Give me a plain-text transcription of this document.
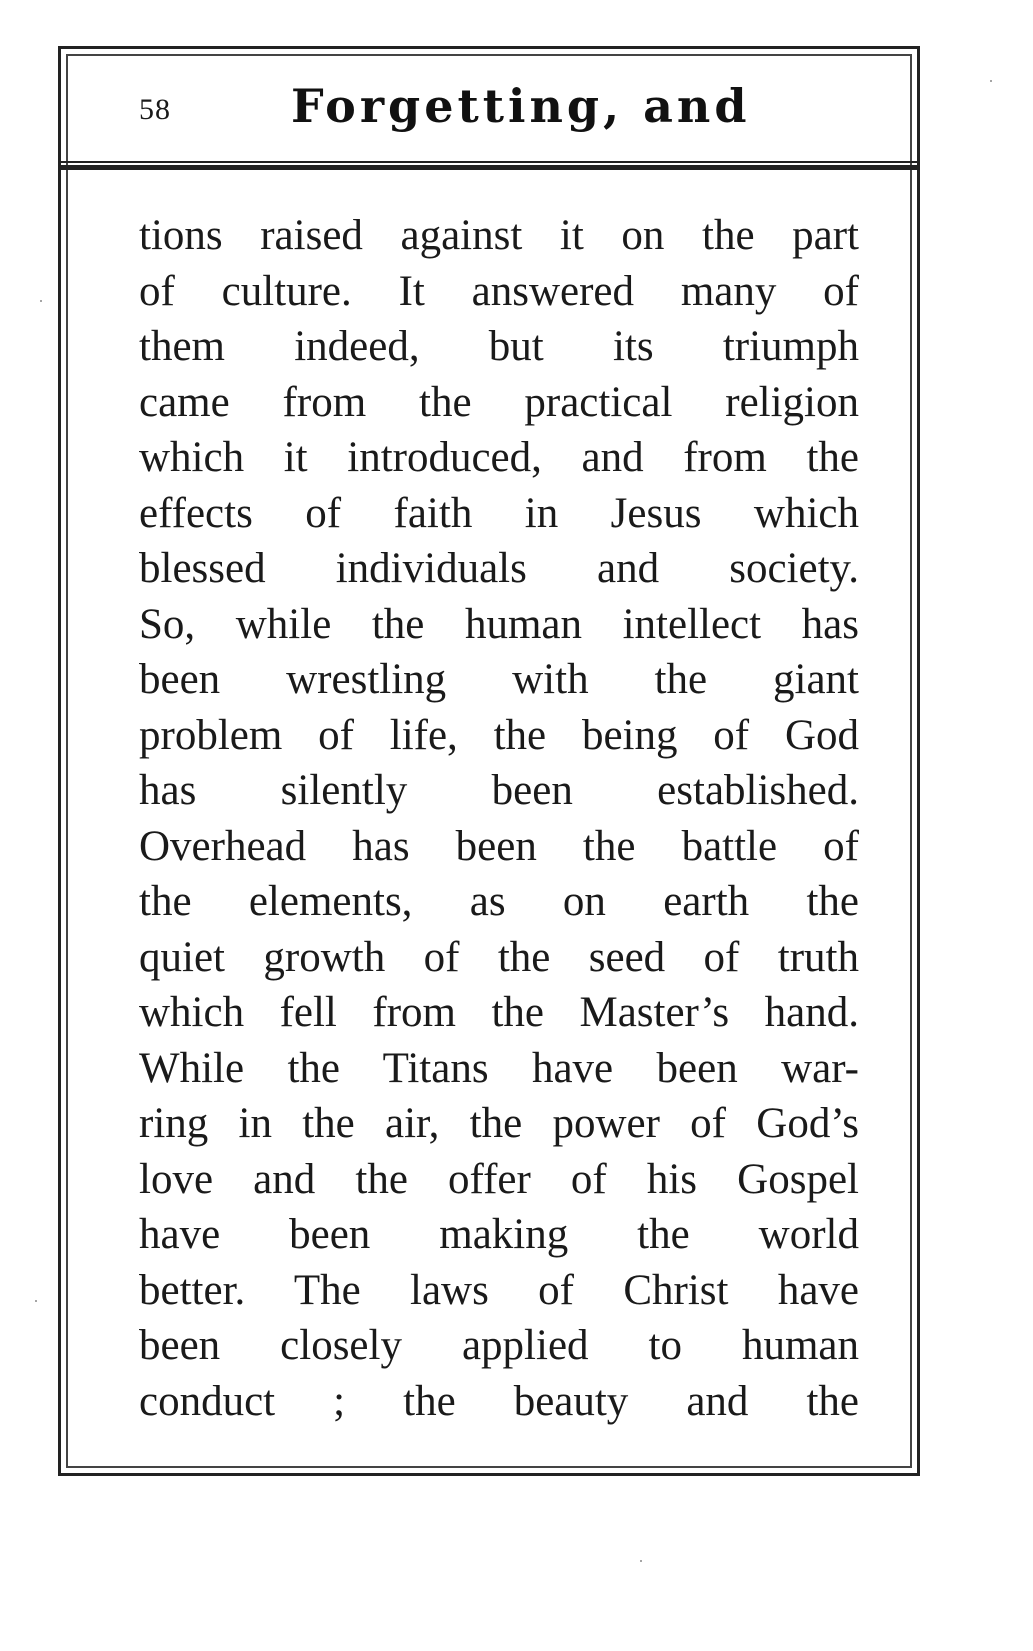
58	Forgetting, and
tions raised against it on the part
of culture. It answered many of
them indeed, but its triumph
came from the practical religion
which it introduced, and from the
effects of faith in Jesus which
blessed individuals and society.
So, while the human intellect has
been wrestling with the giant
problem of life, the being of God
has silently been established.
Overhead has been the battle of
the elements, as on earth the
quiet growth of the seed of truth
which fell from the Master’s hand.
While the Titans have been war-
ring in the air, the power of God’s
love and the offer of his Gospel
have been making the world
better. The laws of Christ have
been closely applied to human
conduct ; the beauty and the
